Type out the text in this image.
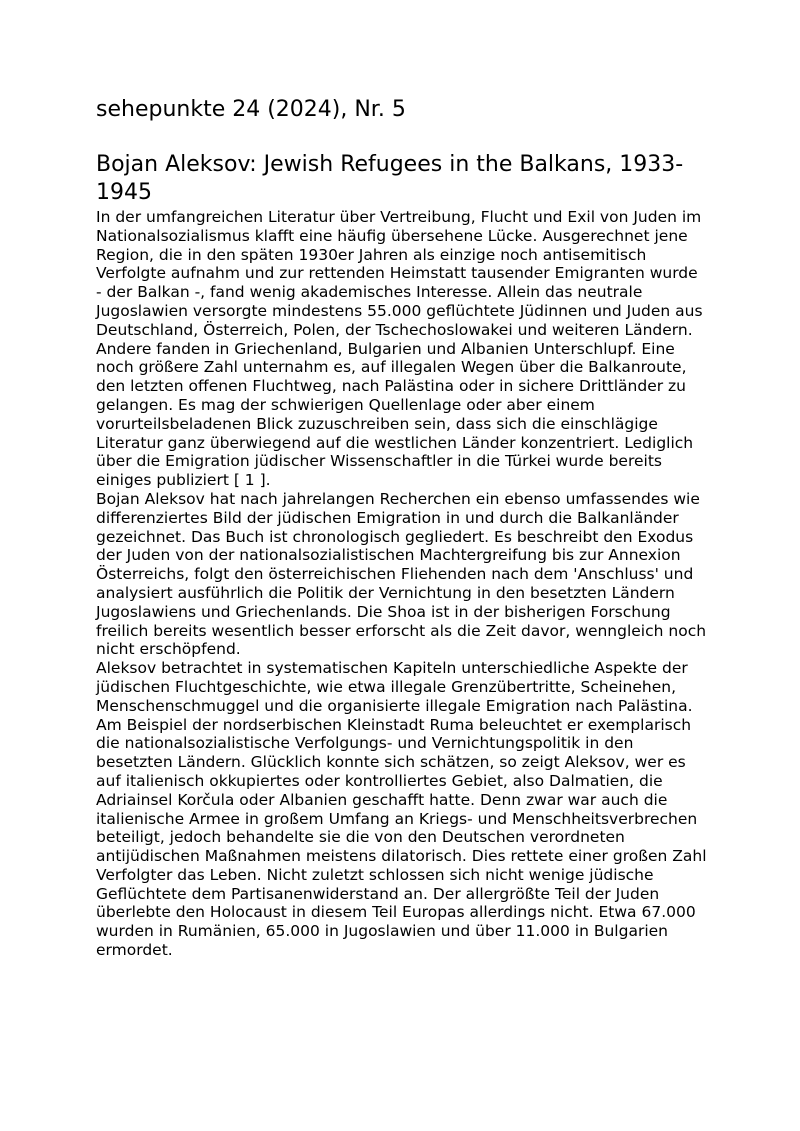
sehepunkte 24 (2024), Nr. 5
Bojan Aleksov: Jewish Refugees in the Balkans, 1933-1945

In der umfangreichen Literatur über Vertreibung, Flucht und Exil von Juden im Nationalsozialismus klafft eine häufig übersehene Lücke. Ausgerechnet jene Region, die in den späten 1930er Jahren als einzige noch antisemitisch Verfolgte aufnahm und zur rettenden Heimstatt tausender Emigranten wurde - der Balkan -, fand wenig akademisches Interesse. Allein das neutrale Jugoslawien versorgte mindestens 55.000 geflüchtete Jüdinnen und Juden aus Deutschland, Österreich, Polen, der Tschechoslowakei und weiteren Ländern. Andere fanden in Griechenland, Bulgarien und Albanien Unterschlupf. Eine noch größere Zahl unternahm es, auf illegalen Wegen über die Balkanroute, den letzten offenen Fluchtweg, nach Palästina oder in sichere Drittländer zu gelangen. Es mag der schwierigen Quellenlage oder aber einem vorurteilsbeladenen Blick zuzuschreiben sein, dass sich die einschlägige Literatur ganz überwiegend auf die westlichen Länder konzentriert. Lediglich über die Emigration jüdischer Wissenschaftler in die Türkei wurde bereits einiges publiziert [ 1 ].

Bojan Aleksov hat nach jahrelangen Recherchen ein ebenso umfassendes wie differenziertes Bild der jüdischen Emigration in und durch die Balkanländer gezeichnet. Das Buch ist chronologisch gegliedert. Es beschreibt den Exodus der Juden von der nationalsozialistischen Machtergreifung bis zur Annexion Österreichs, folgt den österreichischen Fliehenden nach dem 'Anschluss' und analysiert ausführlich die Politik der Vernichtung in den besetzten Ländern Jugoslawiens und Griechenlands. Die Shoa ist in der bisherigen Forschung freilich bereits wesentlich besser erforscht als die Zeit davor, wenngleich noch nicht erschöpfend.

Aleksov betrachtet in systematischen Kapiteln unterschiedliche Aspekte der jüdischen Fluchtgeschichte, wie etwa illegale Grenzübertritte, Scheinehen, Menschenschmuggel und die organisierte illegale Emigration nach Palästina. Am Beispiel der nordserbischen Kleinstadt Ruma beleuchtet er exemplarisch die nationalsozialistische Verfolgungs- und Vernichtungspolitik in den besetzten Ländern. Glücklich konnte sich schätzen, so zeigt Aleksov, wer es auf italienisch okkupiertes oder kontrolliertes Gebiet, also Dalmatien, die Adriainsel Korčula oder Albanien geschafft hatte. Denn zwar war auch die italienische Armee in großem Umfang an Kriegs- und Menschheitsverbrechen beteiligt, jedoch behandelte sie die von den Deutschen verordneten antijüdischen Maßnahmen meistens dilatorisch. Dies rettete einer großen Zahl Verfolgter das Leben. Nicht zuletzt schlossen sich nicht wenige jüdische Geflüchtete dem Partisanenwiderstand an. Der allergrößte Teil der Juden überlebte den Holocaust in diesem Teil Europas allerdings nicht. Etwa 67.000 wurden in Rumänien, 65.000 in Jugoslawien und über 11.000 in Bulgarien ermordet.
